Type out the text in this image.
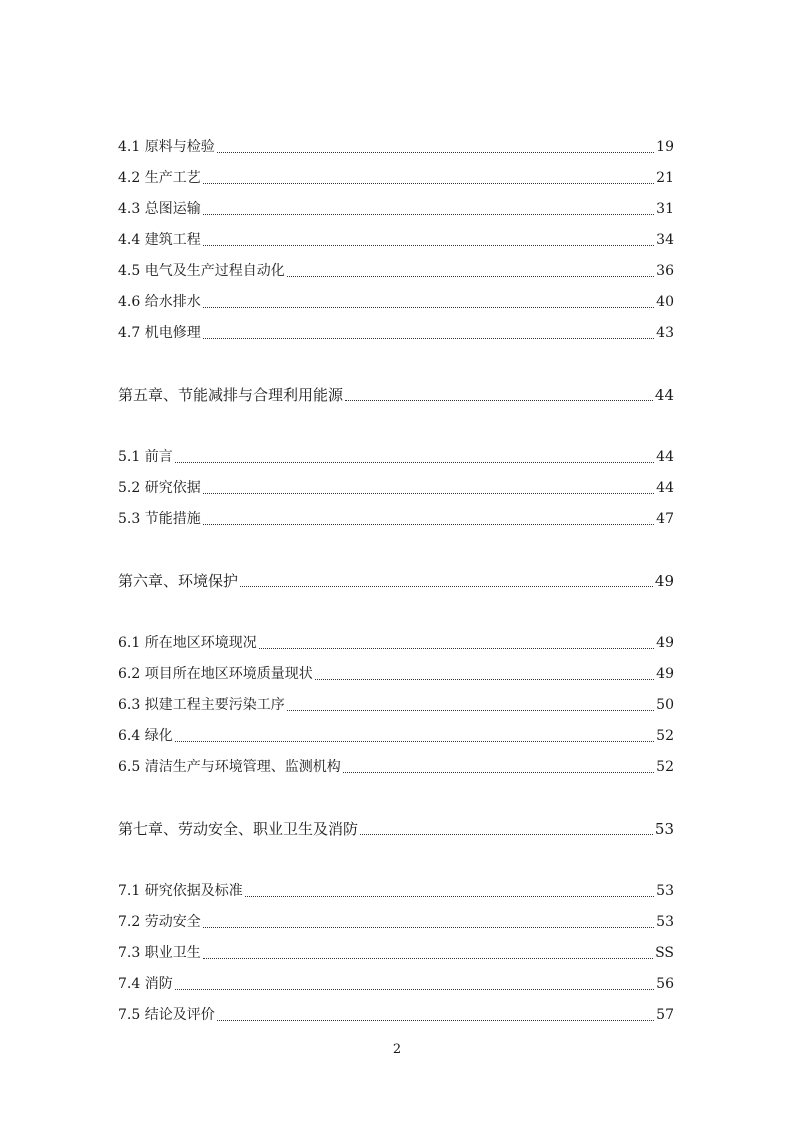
4.1 原料与检验	19
4.2 生产工艺	21
4.3 总图运输	31
4.4 建筑工程	34
4.5 电气及生产过程自动化	36
4.6 给水排水	40
4.7 机电修理	43
第五章、节能减排与合理利用能源	44
5.1 前言	44
5.2 研究依据	44
5.3 节能措施	47
第六章、环境保护	49
6.1 所在地区环境现况	49
6.2 项目所在地区环境质量现状	49
6.3 拟建工程主要污染工序	50
6.4 绿化	52
6.5 清洁生产与环境管理、监测机构	52
第七章、劳动安全、职业卫生及消防	53
7.1 研究依据及标准	53
7.2 劳动安全	53
7.3 职业卫生	SS
7.4 消防	56
7.5 结论及评价	57
2
